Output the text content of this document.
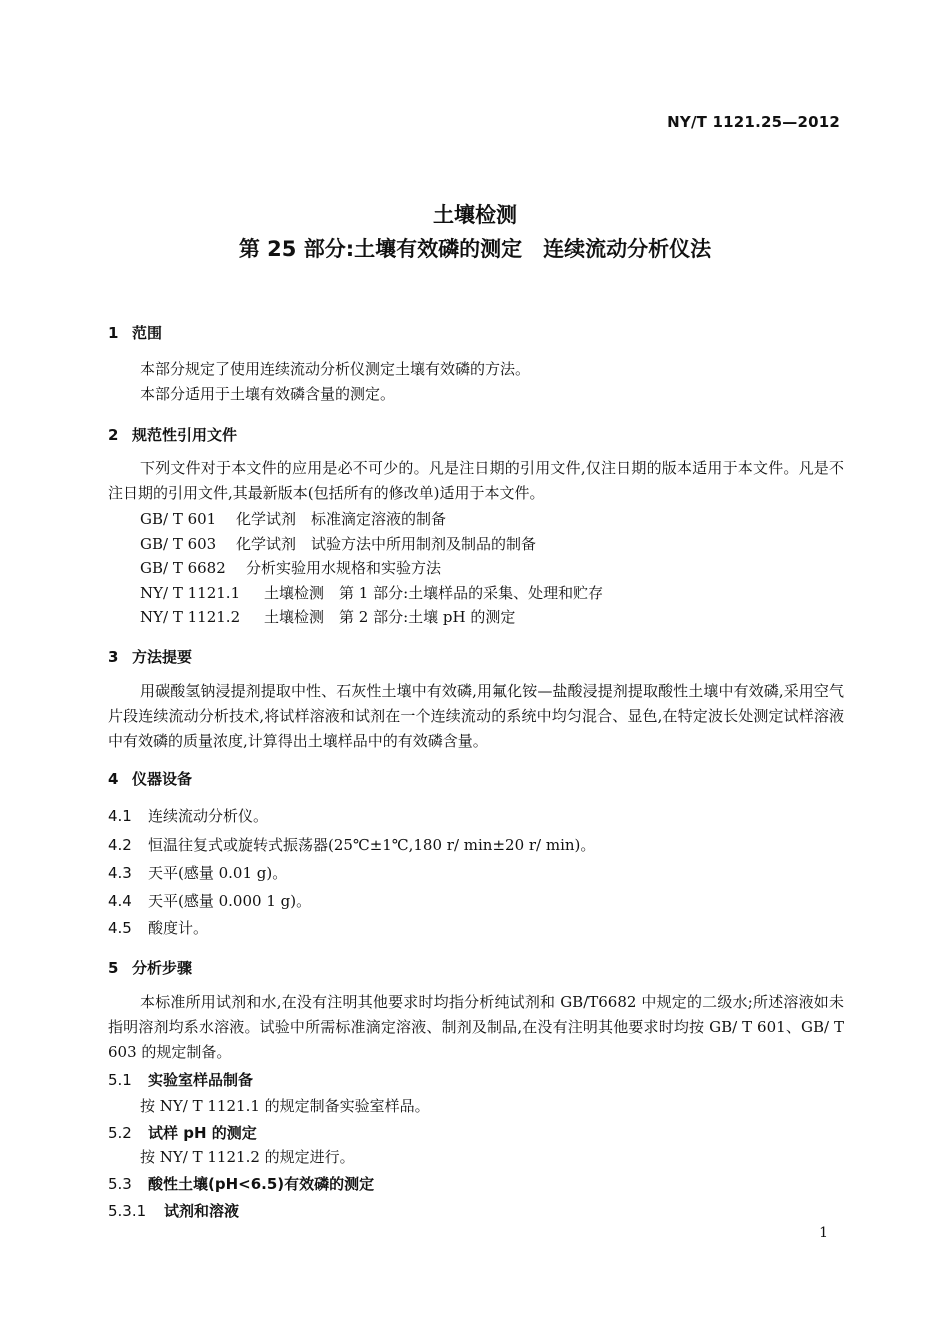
NY/T 1121.25—2012
土壤检测
第 25 部分:土壤有效磷的测定　连续流动分析仪法
1 范围
本部分规定了使用连续流动分析仪测定土壤有效磷的方法。
本部分适用于土壤有效磷含量的测定。
2 规范性引用文件
下列文件对于本文件的应用是必不可少的。凡是注日期的引用文件,仅注日期的版本适用于本文件。凡是不注日期的引用文件,其最新版本(包括所有的修改单)适用于本文件。
GB/ T 601 化学试剂　标准滴定溶液的制备
GB/ T 603 化学试剂　试验方法中所用制剂及制品的制备
GB/ T 6682 分析实验用水规格和实验方法
NY/ T 1121.1 土壤检测　第 1 部分:土壤样品的采集、处理和贮存
NY/ T 1121.2 土壤检测　第 2 部分:土壤 pH 的测定
3 方法提要
用碳酸氢钠浸提剂提取中性、石灰性土壤中有效磷,用氟化铵—盐酸浸提剂提取酸性土壤中有效磷,采用空气片段连续流动分析技术,将试样溶液和试剂在一个连续流动的系统中均匀混合、显色,在特定波长处测定试样溶液中有效磷的质量浓度,计算得出土壤样品中的有效磷含量。
4 仪器设备
4.1 连续流动分析仪。
4.2 恒温往复式或旋转式振荡器(25℃±1℃,180 r/ min±20 r/ min)。
4.3 天平(感量 0.01 g)。
4.4 天平(感量 0.000 1 g)。
4.5 酸度计。
5 分析步骤
本标准所用试剂和水,在没有注明其他要求时均指分析纯试剂和 GB/T6682 中规定的二级水;所述溶液如未指明溶剂均系水溶液。试验中所需标准滴定溶液、制剂及制品,在没有注明其他要求时均按 GB/ T 601、GB/ T 603 的规定制备。
5.1 实验室样品制备
按 NY/ T 1121.1 的规定制备实验室样品。
5.2 试样 pH 的测定
按 NY/ T 1121.2 的规定进行。
5.3 酸性土壤(pH<6.5)有效磷的测定
5.3.1 试剂和溶液
1
